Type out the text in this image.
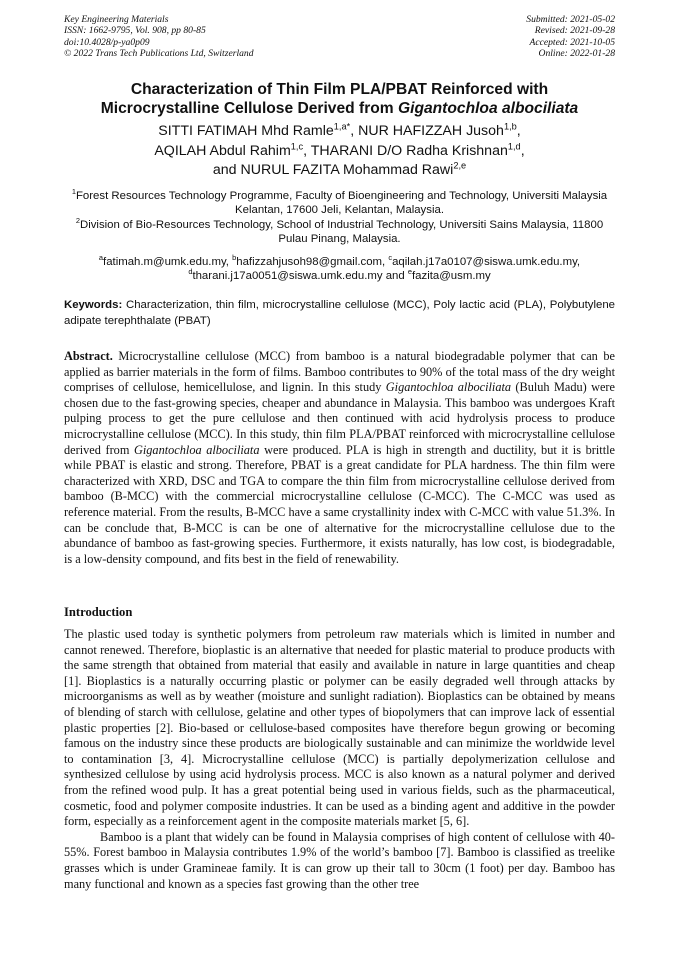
Key Engineering Materials
ISSN: 1662-9795, Vol. 908, pp 80-85
doi:10.4028/p-ya0p09
© 2022 Trans Tech Publications Ltd, Switzerland
Submitted: 2021-05-02
Revised: 2021-09-28
Accepted: 2021-10-05
Online: 2022-01-28
Characterization of Thin Film PLA/PBAT Reinforced with
Microcrystalline Cellulose Derived from Gigantochloa albociliata
SITTI FATIMAH Mhd Ramle$^{1,a*}$, NUR HAFIZZAH Jusoh$^{1,b}$,
AQILAH Abdul Rahim$^{1,c}$, THARANI D/O Radha Krishnan$^{1,d}$,
and NURUL FAZITA Mohammad Rawi$^{2,e}$
$^1$Forest Resources Technology Programme, Faculty of Bioengineering and Technology, Universiti Malaysia Kelantan, 17600 Jeli, Kelantan, Malaysia.
$^2$Division of Bio-Resources Technology, School of Industrial Technology, Universiti Sains Malaysia, 11800 Pulau Pinang, Malaysia.
$^a$fatimah.m@umk.edu.my, $^b$hafizzahjusoh98@gmail.com, $^c$aqilah.j17a0107@siswa.umk.edu.my,
$^d$tharani.j17a0051@siswa.umk.edu.my and $^e$fazita@usm.my
Keywords: Characterization, thin film, microcrystalline cellulose (MCC), Poly lactic acid (PLA), Polybutylene adipate terephthalate (PBAT)
Abstract. Microcrystalline cellulose (MCC) from bamboo is a natural biodegradable polymer that can be applied as barrier materials in the form of films. Bamboo contributes to 90% of the total mass of the dry weight comprises of cellulose, hemicellulose, and lignin. In this study Gigantochloa albociliata (Buluh Madu) were chosen due to the fast-growing species, cheaper and abundance in Malaysia. This bamboo was undergoes Kraft pulping process to get the pure cellulose and then continued with acid hydrolysis process to produce microcrystalline cellulose (MCC). In this study, thin film PLA/PBAT reinforced with microcrystalline cellulose derived from Gigantochloa albociliata were produced. PLA is high in strength and ductility, but it is brittle while PBAT is elastic and strong. Therefore, PBAT is a great candidate for PLA hardness. The thin film were characterized with XRD, DSC and TGA to compare the thin film from microcrystalline cellulose derived from bamboo (B-MCC) with the commercial microcrystalline cellulose (C-MCC). The C-MCC was used as reference material. From the results, B-MCC have a same crystallinity index with C-MCC with value 51.3%. In can be conclude that, B-MCC is can be one of alternative for the microcrystalline cellulose due to the abundance of bamboo as fast-growing species. Furthermore, it exists naturally, has low cost, is biodegradable, is a low-density compound, and fits best in the field of renewability.
Introduction

The plastic used today is synthetic polymers from petroleum raw materials which is limited in number and cannot renewed. Therefore, bioplastic is an alternative that needed for plastic material to produce products with the same strength that obtained from material that easily and available in nature in large quantities and cheap [1]. Bioplastics is a naturally occurring plastic or polymer can be easily degraded well through attacks by microorganisms as well as by weather (moisture and sunlight radiation). Bioplastics can be obtained by means of blending of starch with cellulose, gelatine and other types of biopolymers that can improve lack of essential plastic properties [2]. Bio-based or cellulose-based composites have therefore begun growing or becoming famous on the industry since these products are biologically sustainable and can minimize the worldwide level to contamination [3, 4]. Microcrystalline cellulose (MCC) is partially depolymerization cellulose and synthesized cellulose by using acid hydrolysis process. MCC is also known as a natural polymer and derived from the refined wood pulp. It has a great potential being used in various fields, such as the pharmaceutical, cosmetic, food and polymer composite industries. It can be used as a binding agent and additive in the powder form, especially as a reinforcement agent in the composite materials market [5, 6].

Bamboo is a plant that widely can be found in Malaysia comprises of high content of cellulose with 40-55%. Forest bamboo in Malaysia contributes 1.9% of the world’s bamboo [7]. Bamboo is classified as treelike grasses which is under Gramineae family. It is can grow up their tall to 30cm (1 foot) per day. Bamboo has many functional and known as a species fast growing than the other tree
